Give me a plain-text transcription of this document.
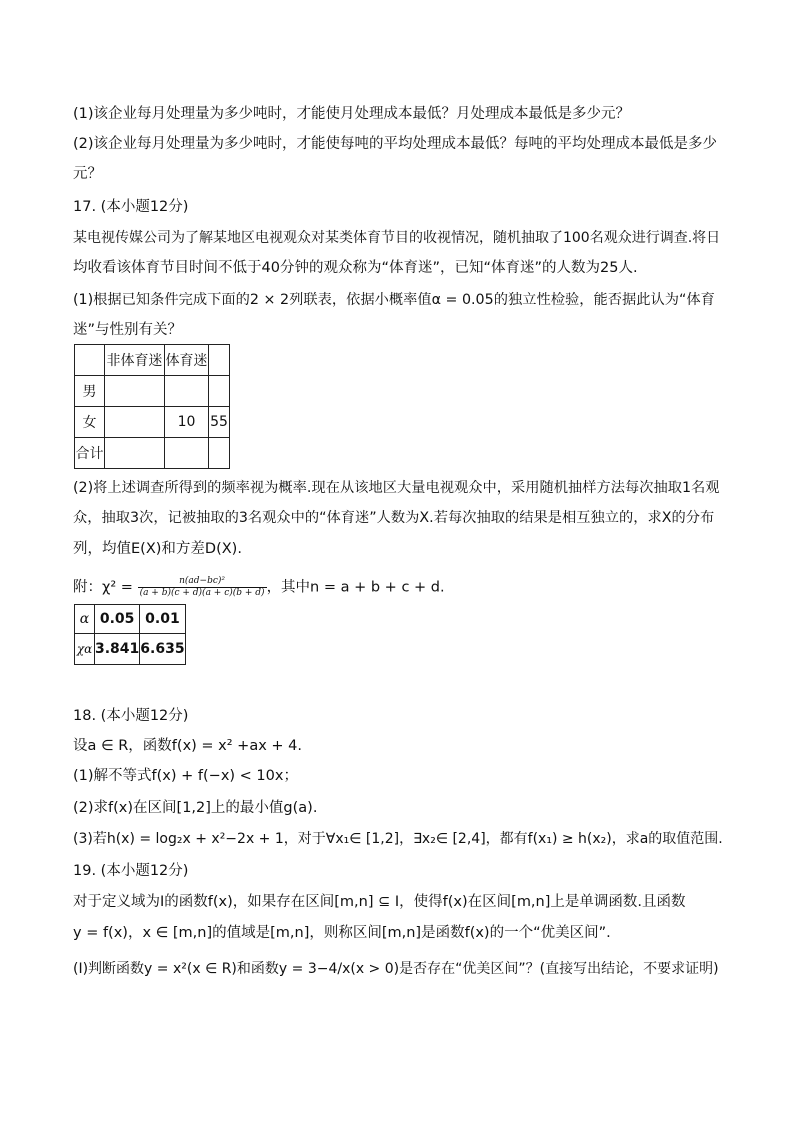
(1)该企业每月处理量为多少吨时，才能使月处理成本最低？月处理成本最低是多少元？
(2)该企业每月处理量为多少吨时，才能使每吨的平均处理成本最低？每吨的平均处理成本最低是多少
元？
17. (本小题12分)
某电视传媒公司为了解某地区电视观众对某类体育节目的收视情况，随机抽取了100名观众进行调查.将日
均收看该体育节目时间不低于40分钟的观众称为“体育迷”，已知“体育迷”的人数为25人.
(1)根据已知条件完成下面的2 × 2列联表，依据小概率值α = 0.05的独立性检验，能否据此认为“体育
迷”与性别有关？
	非体育迷	体育迷	
男			
女		10	55
合计			
(2)将上述调查所得到的频率视为概率.现在从该地区大量电视观众中，采用随机抽样方法每次抽取1名观
众，抽取3次，记被抽取的3名观众中的“体育迷”人数为X.若每次抽取的结果是相互独立的，求X的分布
列，均值E(X)和方差D(X).
附：$\chi^2 = \frac{\text{n(ad−bc)²}}{(a + b)(c + d)(a + c)(b + d)}$ ，其中n = a + b + c + d.
α	0.05	0.01
χα	3.841	6.635
18. (本小题12分)
设a ∈ R，函数f(x) = x² +ax + 4.
(1)解不等式f(x) + f(−x) < 10x；
(2)求f(x)在区间[1,2]上的最小值g(a).
(3)若h(x) = log₂x + x²−2x + 1，对于∀x₁∈ [1,2]，∃x₂∈ [2,4]，都有f(x₁) ≥ h(x₂)，求a的取值范围.
19. (本小题12分)
对于定义域为I的函数f(x)，如果存在区间[m,n] ⊆ I，使得f(x)在区间[m,n]上是单调函数.且函数
y = f(x)，x ∈ [m,n]的值域是[m,n]，则称区间[m,n]是函数f(x)的一个“优美区间”.
(Ⅰ)判断函数y = x²(x ∈ R)和函数y = 3−4/x(x > 0)是否存在“优美区间”？(直接写出结论，不要求证明)
